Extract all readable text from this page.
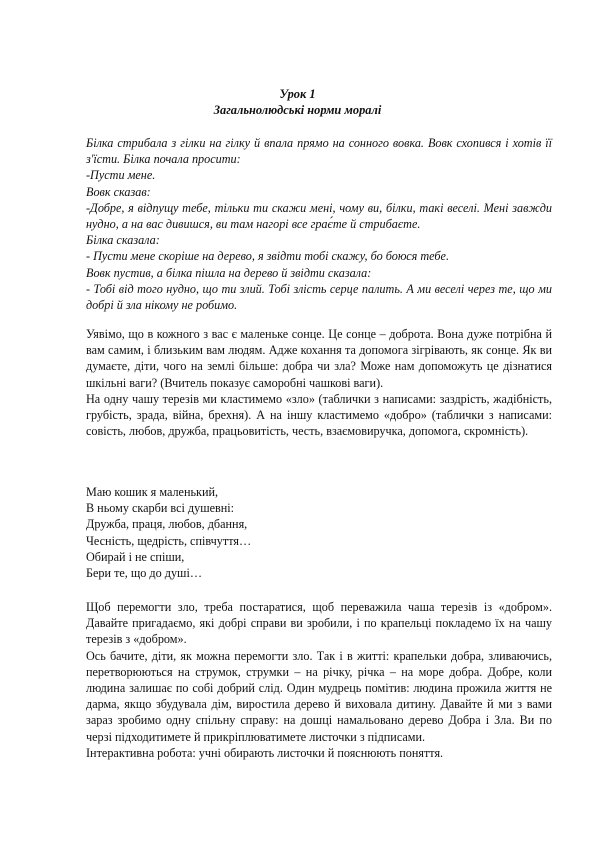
Урок 1

Загальнолюдські норми моралі

Білка стрибала з гілки на гілку й впала прямо на сонного вовка. Вовк схопився і хотів її з'їсти. Білка почала просити:

-Пусти мене.

Вовк сказав:

-Добре, я відпущу тебе, тільки ти скажи мені, чому ви, білки, такі веселі. Мені завжди нудно, а на вас дивишся, ви там нагорі все грає́те й стрибаєте.

Білка сказала:

- Пусти мене скоріше на дерево, я звідти тобі скажу, бо боюся тебе.

Вовк пустив, а білка пішла на дерево й звідти сказала:

- Тобі від того нудно, що ти злий. Тобі злість серце палить. А ми веселі через те, що ми добрі й зла нікому не робимо.

Уявімо, що в кожного з вас є маленьке сонце. Це сонце – доброта. Вона дуже потрібна й вам самим, і близьким вам людям. Адже кохання та допомога зігрівають, як сонце. Як ви думаєте, діти, чого на землі більше: добра чи зла? Може нам допоможуть це дізнатися шкільні ваги? (Вчитель показує саморобні чашкові ваги).

На одну чашу терезів ми класти​мемо «зло» (таблички з написами: заздрість, жадібність, грубість, зрада, війна, брехня). А на іншу класти​мемо «добро» (таблички з написами: совість, любов, дружба, працьовитість, честь, взаємовиручка, допомога, скромність).

Маю кошик я маленький,

В ньому скарби всі душевні:

Дружба, праця, любов, дбання,

Чесність, щедрість, співчуття…

Обирай і не спіши,

Бери те, що до душі…

Щоб перемогти зло, треба постаратися, щоб переважила чаша терезів із «добром». Давайте пригадаємо, які добрі справи ви зробили, і по крапельці покладемо їх на чашу терезів з «добром».

Ось бачите, діти, як можна перемогти зло. Так і в житті: крапельки добра, зливаючись, перетворюються на струмок, струмки – на річку, річка – на море добра. Добре, коли людина залишає по собі добрий слід. Один мудрець помітив: людина прожила життя не дарма, якщо збудувала дім, виростила дерево й виховала дитину. Давайте й ми з вами зараз зробимо одну спільну справу: на дошці намальовано дерево Добра і Зла. Ви по черзі підходитимете й прикріплюватимете листочки з підписами.

Інтерактивна робота: учні обирають листочки й пояснюють поняття.
